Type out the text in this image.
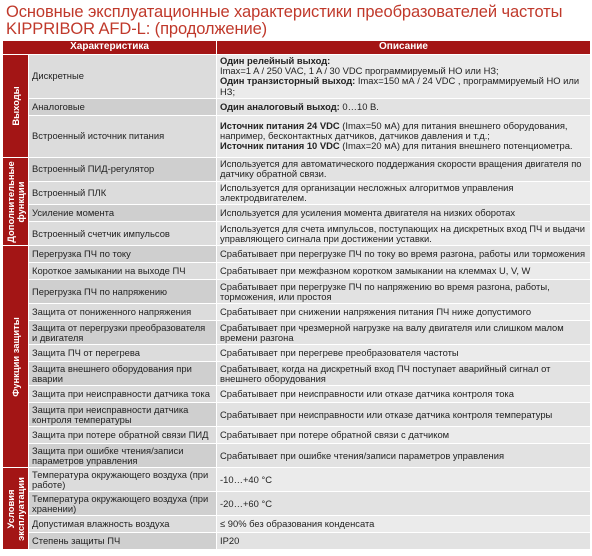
Основные эксплуатационные характеристики преобразователей частоты KIPPRIBOR AFD-L: (продолжение)
Характеристика		Описание

Выходы	Дискретные	Один релейный выход:
Imax=1 A / 250 VAC, 1 A / 30 VDC программируемый НО или НЗ;
Один транзисторный выход: Imax=150 мА / 24 VDC , программируемый НО или НЗ;
	Аналоговые	Один аналоговый выход: 0…10 В.
	Встроенный источник питания	Источник питания 24 VDC (Imax=50 мА) для питания внешнего оборудования, например, бесконтактных датчиков, датчиков давления и т.д.;
Источник питания 10 VDC (Imax=20 мА) для питания внешнего потенциометра.

Дополнительные
функции	Встроенный ПИД-регулятор	Используется для автоматического поддержания скорости вращения двигателя по датчику обратной связи.
	Встроенный ПЛК	Используется для организации несложных алгоритмов управления электродвигателем.
	Усиление момента	Используется для усиления момента двигателя на низких оборотах
	Встроенный счетчик импульсов	Используется для счета импульсов, поступающих на дискретных вход ПЧ и выдачи управляющего сигнала при достижении уставки.

Функции защиты	Перегрузка ПЧ по току	Срабатывает при перегрузке ПЧ по току во время разгона, работы или торможения
	Короткое замыкании на выходе ПЧ	Срабатывает при межфазном коротком замыкании на клеммах U, V, W
	Перегрузка ПЧ по напряжению	Срабатывает при перегрузке ПЧ по напряжению во время разгона, работы, торможения, или простоя
	Защита от пониженного напряжения	Срабатывает при снижении напряжения питания ПЧ ниже допустимого
	Защита от перегрузки преобразователя и двигателя	Срабатывает при чрезмерной нагрузке на валу двигателя или слишком малом времени разгона
	Защита ПЧ от перегрева	Срабатывает при перегреве преобразователя частоты
	Защита внешнего оборудования при аварии	Срабатывает, когда на дискретный вход ПЧ поступает аварийный сигнал от внешнего оборудования
	Защита при неисправности датчика тока	Срабатывает при неисправности или отказе датчика контроля тока
	Защита при неисправности датчика контроля температуры	Срабатывает при неисправности или отказе датчика контроля температуры
	Защита при потере обратной связи ПИД	Срабатывает при потере обратной связи с датчиком
	Защита при ошибке чтения/записи параметров управления	Срабатывает при ошибке чтения/записи параметров управления

Условия
эксплуатации	Температура окружающего воздуха (при работе)	-10…+40 °С
	Температура окружающего воздуха (при хранении)	-20…+60 °С
	Допустимая влажность воздуха	≤ 90% без образования конденсата
	Степень защиты ПЧ	IP20
